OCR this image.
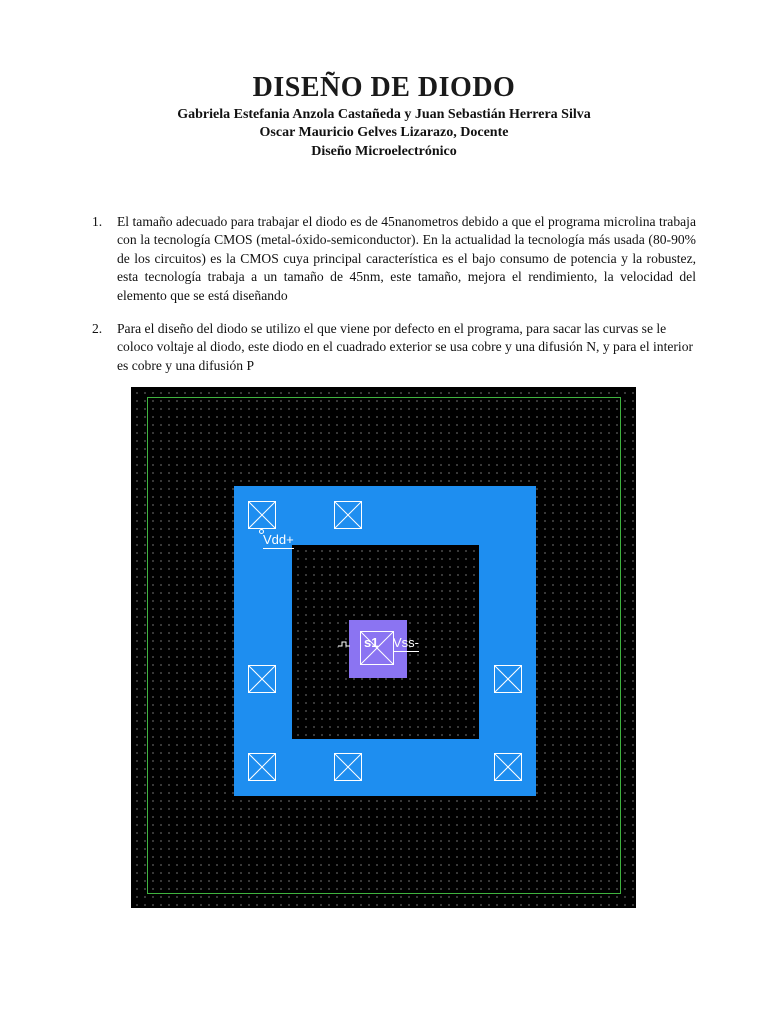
DISEÑO DE DIODO
Gabriela Estefania Anzola Castañeda y Juan Sebastián Herrera Silva
Oscar Mauricio Gelves Lizarazo, Docente
Diseño Microelectrónico
1. El tamaño adecuado para trabajar el diodo es de 45nanometros debido a que el programa microlina trabaja con la tecnología CMOS (metal-óxido-semiconductor). En la actualidad la tecnología más usada (80-90% de los circuitos) es la CMOS cuya principal característica es el bajo consumo de potencia y la robustez, esta tecnología trabaja a un tamaño de 45nm, este tamaño, mejora el rendimiento, la velocidad del elemento que se está diseñando
2. Para el diseño del diodo se utilizo el que viene por defecto en el programa, para sacar las curvas se le coloco voltaje al diodo, este diodo en el cuadrado exterior se usa cobre y una difusión N, y para el interior es cobre y una difusión P
Vdd+
s1 Vss-
